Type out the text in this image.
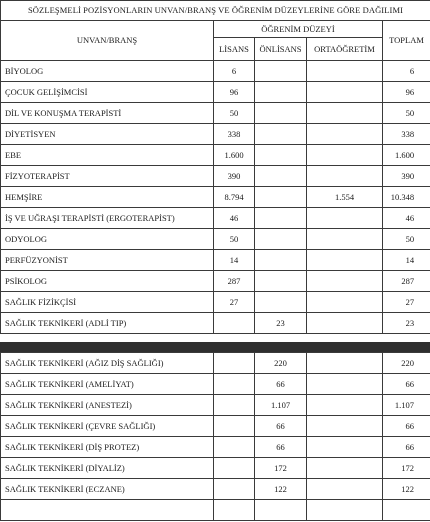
SÖZLEŞMELİ POZİSYONLARIN UNVAN/BRANŞ VE ÖĞRENİM DÜZEYLERİNE GÖRE DAĞILIMI				
UNVAN/BRANŞ	ÖĞRENİM DÜZEYİ			TOPLAM
	LİSANS	ÖNLİSANS	ORTAÖĞRETİM	
BİYOLOG	6			6
ÇOCUK GELİŞİMCİSİ	96			96
DİL VE KONUŞMA TERAPİSTİ	50			50
DİYETİSYEN	338			338
EBE	1.600			1.600
FİZYOTERAPİST	390			390
HEMŞİRE	8.794		1.554	10.348
İŞ VE UĞRAŞI TERAPİSTİ (ERGOTERAPİST)	46			46
ODYOLOG	50			50
PERFÜZYONİST	14			14
PSİKOLOG	287			287
SAĞLIK FİZİKÇİSİ	27			27
SAĞLIK TEKNİKERİ (ADLİ TIP)		23		23
SAĞLIK TEKNİKERİ (AĞIZ DİŞ SAĞLIĞI)		220		220
SAĞLIK TEKNİKERİ (AMELİYAT)		66		66
SAĞLIK TEKNİKERİ (ANESTEZİ)		1.107		1.107
SAĞLIK TEKNİKERİ (ÇEVRE SAĞLIĞI)		66		66
SAĞLIK TEKNİKERİ (DİŞ PROTEZ)		66		66
SAĞLIK TEKNİKERİ (DİYALİZ)		172		172
SAĞLIK TEKNİKERİ (ECZANE)		122		122
